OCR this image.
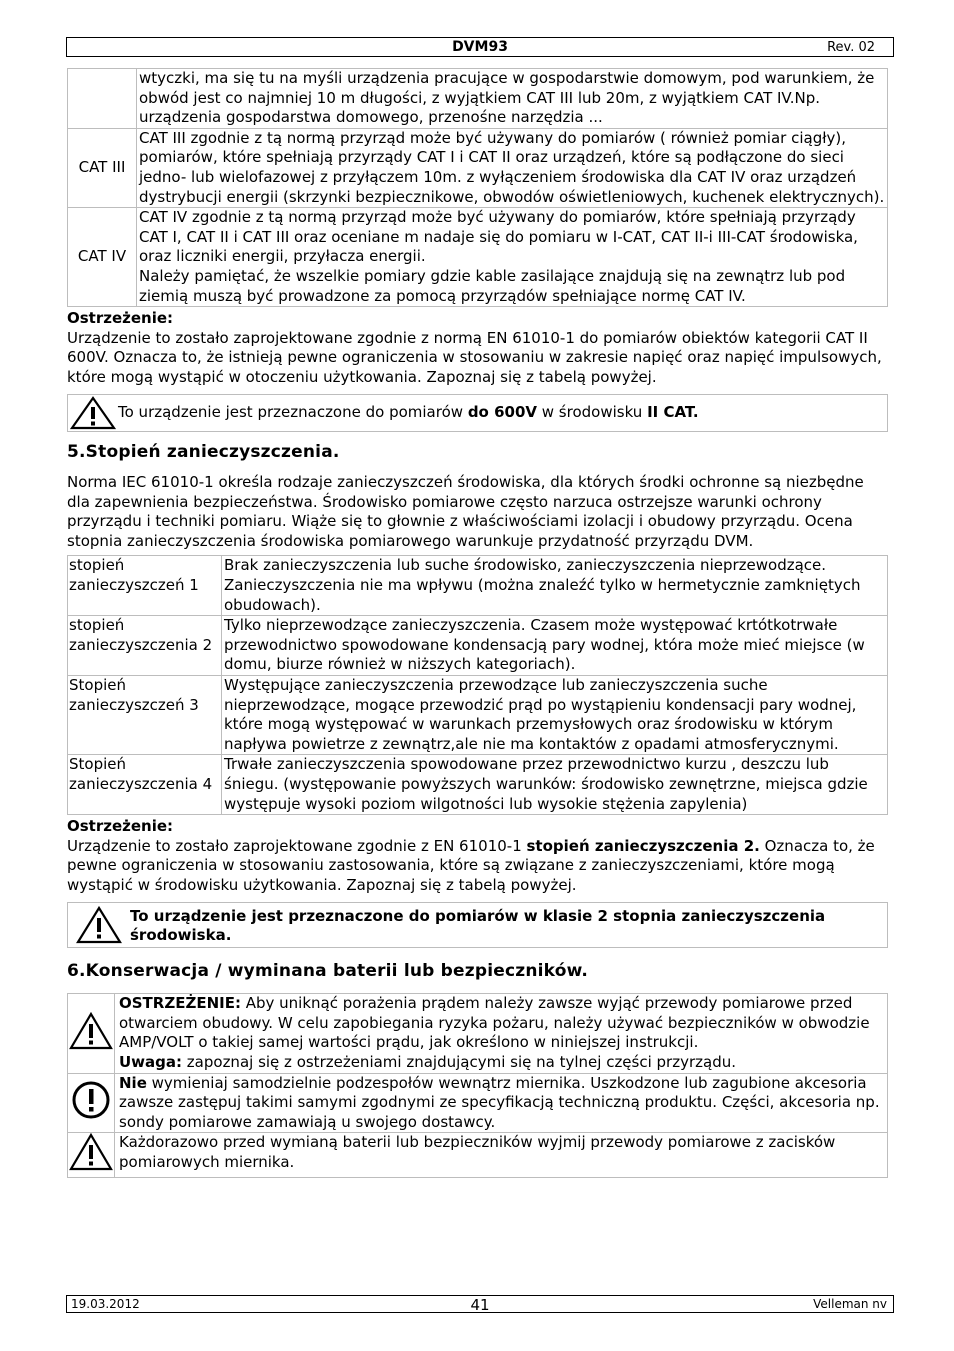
DVM93	Rev. 02
	wtyczki, ma się tu na myśli urządzenia pracujące w gospodarstwie domowym, pod warunkiem, że obwód jest co najmniej 10 m długości, z wyjątkiem CAT III lub 20m, z wyjątkiem CAT IV.Np. urządzenia gospodarstwa domowego, przenośne narzędzia ...
CAT III	CAT III zgodnie z tą normą przyrząd może być używany do pomiarów ( również pomiar ciągły), pomiarów, które spełniają przyrządy CAT I i CAT II oraz urządzeń, które są podłączone do sieci jedno- lub wielofazowej z przyłączem 10m. z wyłączeniem środowiska dla CAT IV oraz urządzeń dystrybucji energii (skrzynki bezpiecznikowe, obwodów oświetleniowych, kuchenek elektrycznych).
CAT IV	CAT IV zgodnie z tą normą przyrząd może być używany do pomiarów, które spełniają przyrządy CAT I, CAT II i CAT III oraz oceniane m nadaje się do pomiaru w I-CAT, CAT II-i III-CAT środowiska, oraz liczniki energii, przyłacza energii.
Należy pamiętać, że wszelkie pomiary gdzie kable zasilające znajdują się na zewnątrz lub pod ziemią muszą być prowadzone za pomocą przyrządów spełniające normę CAT IV.
Ostrzeżenie:

Urządzenie to zostało zaprojektowane zgodnie z normą EN 61010-1 do pomiarów obiektów kategorii CAT II 600V. Oznacza to, że istnieją pewne ograniczenia w stosowaniu w zakresie napięć oraz napięć impulsowych, które mogą wystąpić w otoczeniu użytkowania. Zapoznaj się z tabelą powyżej.

To urządzenie jest przeznaczone do pomiarów do 600V w środowisku II CAT.
5.Stopień zanieczyszczenia.

Norma IEC 61010-1 określa rodzaje zanieczyszczeń środowiska, dla których środki ochronne są niezbędne dla zapewnienia bezpieczeństwa. Środowisko pomiarowe często narzuca ostrzejsze warunki ochrony przyrządu i techniki pomiaru. Wiąże się to głownie z właściwościami izolacji i obudowy przyrządu. Ocena stopnia zanieczyszczenia środowiska pomiarowego warunkuje przydatność przyrządu DVM.

stopień zanieczyszczeń 1	Brak zanieczyszczenia lub suche środowisko, zanieczyszczenia nieprzewodzące. Zanieczyszczenia nie ma wpływu (można znaleźć tylko w hermetycznie zamkniętych obudowach).
stopień zanieczyszczenia 2	Tylko nieprzewodzące zanieczyszczenia. Czasem może występować krtótkotrwałe przewodnictwo spowodowane kondensacją pary wodnej, która może mieć miejsce (w domu, biurze również w niższych kategoriach).
Stopień zanieczyszczeń 3	Występujące zanieczyszczenia przewodzące lub zanieczyszczenia suche nieprzewodzące, mogące przewodzić prąd po wystąpieniu kondensacji pary wodnej, które mogą występować w warunkach przemysłowych oraz środowisku w którym napływa powietrze z zewnątrz,ale nie ma kontaktów z opadami atmosferycznymi.
Stopień zanieczyszczenia 4	Trwałe zanieczyszczenia spowodowane przez przewodnictwo kurzu , deszczu lub śniegu. (występowanie powyższych warunków: środowisko zewnętrzne, miejsca gdzie występuje wysoki poziom wilgotności lub wysokie stężenia zapylenia)
Ostrzeżenie:

Urządzenie to zostało zaprojektowane zgodnie z EN 61010-1 stopień zanieczyszczenia 2. Oznacza to, że pewne ograniczenia w stosowaniu zastosowania, które są związane z zanieczyszczeniami, które mogą wystąpić w środowisku użytkowania. Zapoznaj się z tabelą powyżej.

To urządzenie jest przeznaczone do pomiarów w klasie 2 stopnia zanieczyszczenia środowiska.
6.Konserwacja / wyminana baterii lub bezpieczników.
	OSTRZEŻENIE: Aby uniknąć porażenia prądem należy zawsze wyjąć przewody pomiarowe przed otwarciem obudowy. W celu zapobiegania ryzyka pożaru, należy używać bezpieczników w obwodzie AMP/VOLT o takiej samej wartości prądu, jak określono w niniejszej instrukcji.
Uwaga: zapoznaj się z ostrzeżeniami znajdującymi się na tylnej części przyrządu.
	Nie wymieniaj samodzielnie podzespołów wewnątrz miernika. Uszkodzone lub zagubione akcesoria zawsze zastępuj takimi samymi zgodnymi ze specyfikacją techniczną produktu. Części, akcesoria np. sondy pomiarowe zamawiają u swojego dostawcy.
	Każdorazowo przed wymianą baterii lub bezpieczników wyjmij przewody pomiarowe z zacisków pomiarowych miernika.
19.03.2012	41	Velleman nv
